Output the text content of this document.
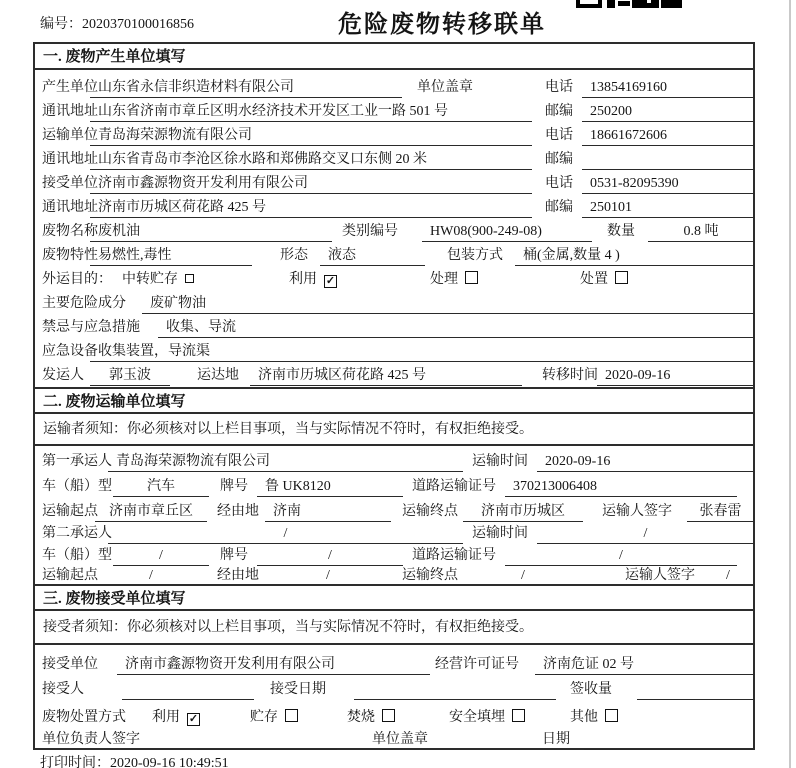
编号：2020370100016856	危险废物转移联单
一. 废物产生单位填写
产生单位 山东省永信非织造材料有限公司	单位盖章	电话	13854169160
通讯地址 山东省济南市章丘区明水经济技术开发区工业一路 501 号	邮编	250200
运输单位 青岛海荣源物流有限公司	电话	18661672606
通讯地址 山东省青岛市李沧区徐水路和郑佛路交叉口东侧 20 米	邮编
接受单位 济南市鑫源物资开发利用有限公司	电话	0531-82095390
通讯地址 济南市历城区荷花路 425 号	邮编	250101
废物名称 废机油	类别编号	HW08(900-249-08)	数量	0.8 吨
废物特性 易燃性,毒性	形态	液态	包装方式	桶(金属,数量 4 )
外运目的： 中转贮存	利用 ✓	处理	处置
主要危险成分	废矿物油
禁忌与应急措施	收集、导流
应急设备 收集装置，导流渠
发运人	郭玉波	运达地	济南市历城区荷花路 425 号	转移时间 2020-09-16
二. 废物运输单位填写
运输者须知：你必须核对以上栏目事项，当与实际情况不符时，有权拒绝接受。
第一承运人 青岛海荣源物流有限公司	运输时间	2020-09-16
车（船）型	汽车	牌号	鲁 UK8120	道路运输证号	370213006408
运输起点 济南市章丘区	经由地	济南	运输终点	济南市历城区	运输人签字	张春雷
第二承运人	/	运输时间	/
车（船）型	/	牌号	/	道路运输证号	/
运输起点	/	经由地	/	运输终点	/	运输人签字	/
三. 废物接受单位填写
接受者须知：你必须核对以上栏目事项，当与实际情况不符时，有权拒绝接受。
接受单位	济南市鑫源物资开发利用有限公司	经营许可证号	济南危证 02 号
接受人	接受日期	签收量
废物处置方式 利用 ✓	贮存	焚烧	安全填埋	其他
单位负责人签字	单位盖章	日期
打印时间：2020-09-16 10:49:51
